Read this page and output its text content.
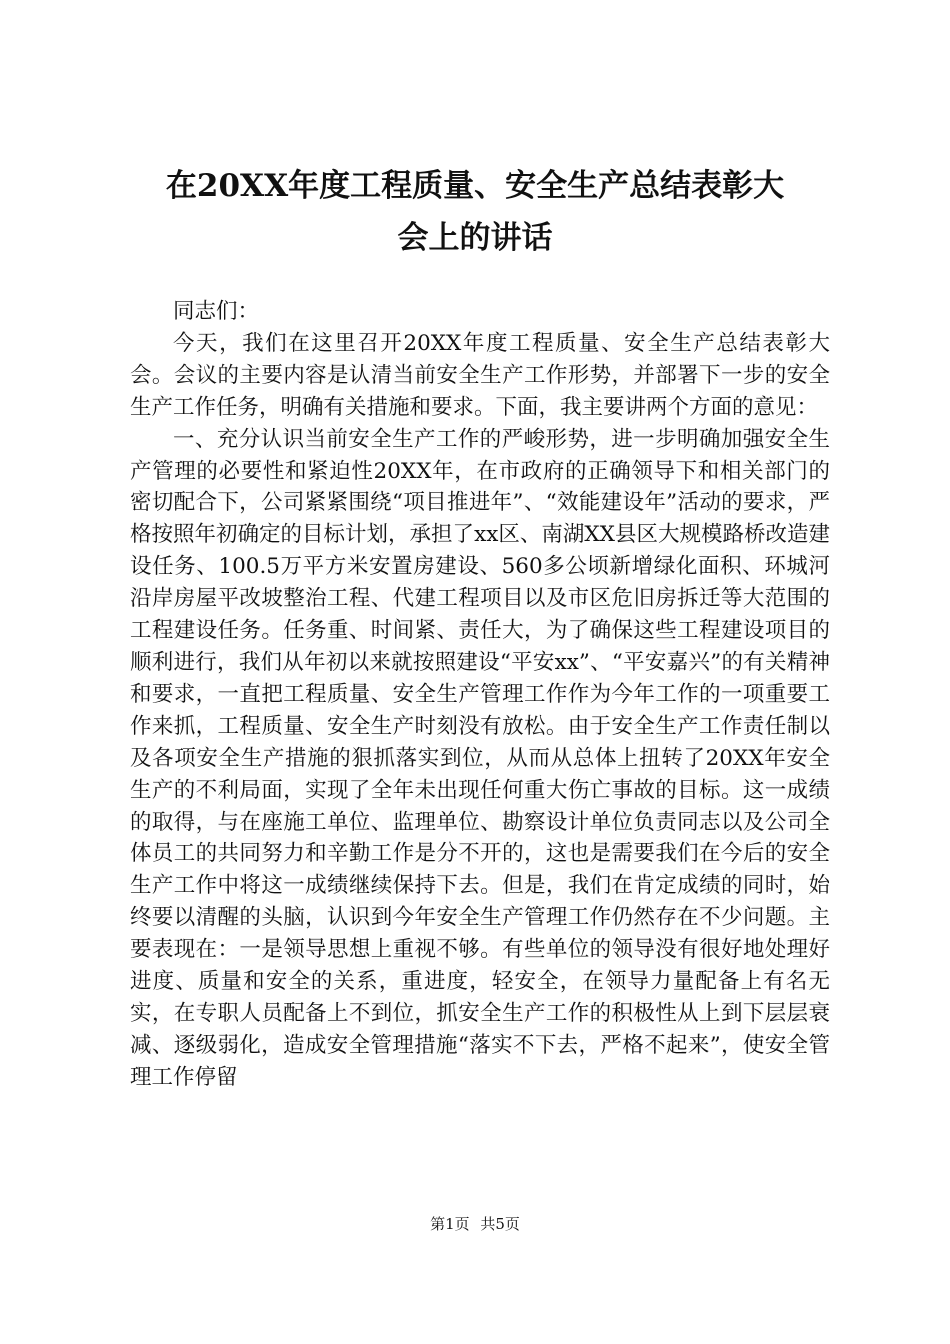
在20XX年度工程质量、安全生产总结表彰大
会上的讲话

同志们：

今天，我们在这里召开20XX年度工程质量、安全生产总结表彰大会。会议的主要内容是认清当前安全生产工作形势，并部署下一步的安全生产工作任务，明确有关措施和要求。下面，我主要讲两个方面的意见：

一、充分认识当前安全生产工作的严峻形势，进一步明确加强安全生产管理的必要性和紧迫性20XX年，在市政府的正确领导下和相关部门的密切配合下，公司紧紧围绕“项目推进年”、“效能建设年”活动的要求，严格按照年初确定的目标计划，承担了xx区、南湖XX县区大规模路桥改造建设任务、100.5万平方米安置房建设、560多公顷新增绿化面积、环城河沿岸房屋平改坡整治工程、代建工程项目以及市区危旧房拆迁等大范围的工程建设任务。任务重、时间紧、责任大，为了确保这些工程建设项目的顺利进行，我们从年初以来就按照建设“平安xx”、“平安嘉兴”的有关精神和要求，一直把工程质量、安全生产管理工作作为今年工作的一项重要工作来抓，工程质量、安全生产时刻没有放松。由于安全生产工作责任制以及各项安全生产措施的狠抓落实到位，从而从总体上扭转了20XX年安全生产的不利局面，实现了全年未出现任何重大伤亡事故的目标。这一成绩的取得，与在座施工单位、监理单位、勘察设计单位负责同志以及公司全体员工的共同努力和辛勤工作是分不开的，这也是需要我们在今后的安全生产工作中将这一成绩继续保持下去。但是，我们在肯定成绩的同时，始终要以清醒的头脑，认识到今年安全生产管理工作仍然存在不少问题。主要表现在：一是领导思想上重视不够。有些单位的领导没有很好地处理好进度、质量和安全的关系，重进度，轻安全，在领导力量配备上有名无实，在专职人员配备上不到位，抓安全生产工作的积极性从上到下层层衰减、逐级弱化，造成安全管理措施“落实不下去，严格不起来”，使安全管理工作停留

第1页 共5页
